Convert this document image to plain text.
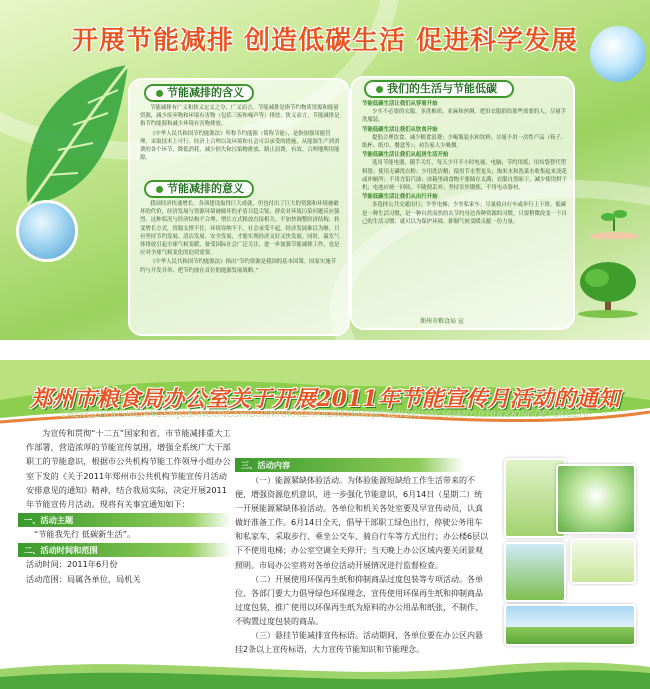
开展节能减排 创造低碳生活 促进科学发展
节能减排的含义

节能减排有广义和狭义定义之分，广义而言，节能减排是指节约物质资源和能量资源，减少废弃物和环境有害物（包括三废和噪声等）排放；狭义而言，节能减排是指节约能源和减少环境有害物排放。

《中华人民共和国节约能源法》所称节约能源（简称节能），是指加强用能管理，采取技术上可行、经济上合理以及环境和社会可以承受的措施，从能源生产到消费的各个环节，降低消耗、减少损失和污染物排放、制止浪费，有效、合理地利用能源。

节能减排的意义

我国经济快速增长，各项建设取得巨大成就，但也付出了巨大的资源和环境被破坏的代价，经济发展与资源环境被破坏的矛盾日趋尖锐，群众对环境污染问题反应强烈。这种状况与经济结构不合理、增长方式粗放直接相关。不加快调整经济结构、转变增长方式，资源支撑不住，环境容纳不下，社会承受不起，经济发展难以为继。只有坚持节约发展、清洁发展、安全发展，才能实现经济又好又快发展。同时，温室气体排放引起全球气候变暖，备受国际社会广泛关注，进一步加强节能减排工作，也是应对全球气候变化的迫切需要。

《中华人民共和国节约能源法》指出“节约资源是我国的基本国策。国家实施节约与开发并举、把节约放在首位的能源发展战略。”

我们的生活与节能低碳
节能低碳生活让我们从穿着开始

少买不必要的衣服，多洗棉质、亚麻和丝绸，把旧衣服捐给那些需要的人，尽量手洗服装。

节能低碳生活让我们从饮食开始

提倡合理饮食，减少粮食浪费；少喝瓶装水和饮料；尽量不用一次性产品（筷子、纸杯、纸巾、餐盒等）；劝告家人少吸烟。

节能低碳生活让我们从起居生活开始

选用节能电器，随手关灯，每天少开半小时电视、电脑；节约用纸；用布袋替代塑料袋；使用无磷洗衣粉；少用洗洁精；使用节水型龙头；淘米水和洗菜水收集起来浇花或冲厕所；不用含铅汽油；冰箱里面食物不要储存太满；衣服自然晾干，减少使用烘干机；电池应统一回收，不随便丢弃；坚持室外锻炼，不用电动器材。

节能低碳生活让我们从出行开始

多选择公共交通出行；少坐电梯；少坐私家车；尽量骑自行车或步行上下班。低碳是一种生活习惯，是一种自然而然的去节约身边各种资源的习惯，只要稍微改变一下自己的生活习惯，就可以为保护环境、抑制气候变暖贡献一份力量。

郑州市粮食局 宣
郑州市粮食局办公室关于开展2011年节能宣传月活动的通知
ZHENGZHOUSHILIANGSHIJUBANGONGSHIGUANYUKAIZHAN2011NIANJIENENGXUANCHUANYUEHUODONGDETONGZHI
为宣传和贯彻“十二五”国家和省、市节能减排重大工作部署，营造浓厚的节能宣传氛围，增强全系统广大干部职工的节能意识，根据市公共机构节能工作领导小组办公室下发的《关于2011年郑州市公共机构节能宣传月活动安排意见的通知》精神，结合我局实际，决定开展2011年节能宣传月活动。现将有关事宜通知如下：
一、活动主题
“节能我先行 低碳新生活”。
二、活动时间和范围
活动时间：2011年6月份
活动范围：局属各单位，局机关
三、活动内容

（一）能源紧缺体验活动。为体验能源短缺给工作生活带来的不便，增强资源危机意识，进一步强化节能意识，6月14日（星期二）统一开展能源紧缺体验活动。各单位和机关各处室要及早宣传动员，认真做好准备工作。6月14日全天，倡导干部职工绿色出行，停驶公务用车和私家车，采取步行、乘坐公交车、骑自行车等方式出行；办公楼6层以下不使用电梯；办公室空调全天停开；当天晚上办公区域内要关闭景观照明。市局办公室将对各单位活动开展情况进行监督检查。

（二）开展使用环保再生纸和抑制商品过度包装等专项活动。各单位、各部门要大力倡导绿色环保理念，宣传使用环保再生纸和抑制商品过度包装，推广使用以环保再生纸为原料的办公用品和纸张，不制作、不购置过度包装的商品。

（三）悬挂节能减排宣传标语。活动期间，各单位要在办公区内悬挂2条以上宣传标语，大力宣传节能知识和节能理念。
